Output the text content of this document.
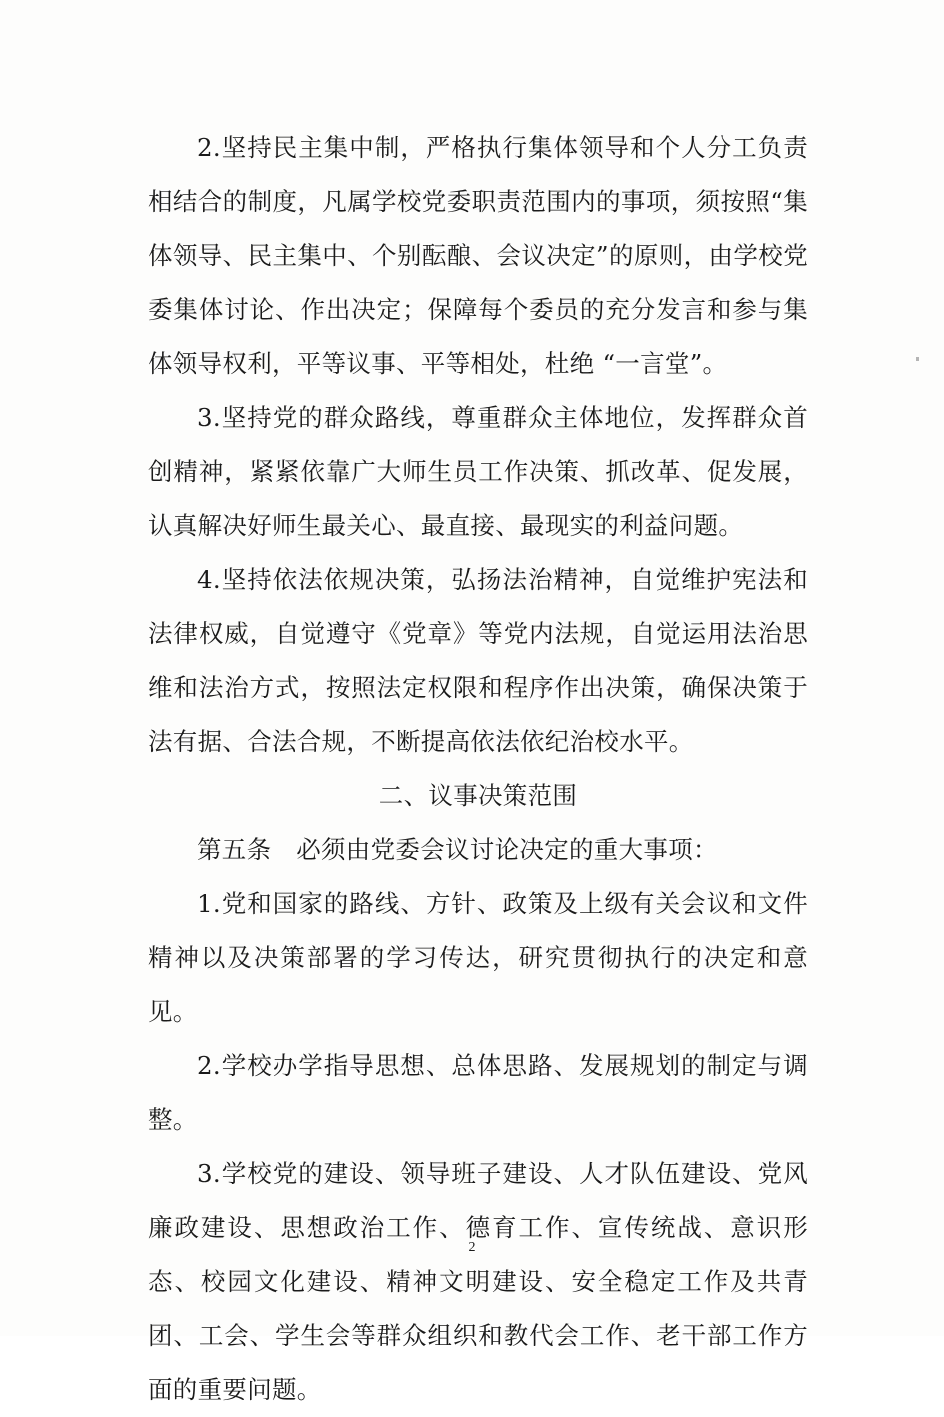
2.坚持民主集中制，严格执行集体领导和个人分工负责相结合的制度，凡属学校党委职责范围内的事项，须按照“集体领导、民主集中、个别酝酿、会议决定”的原则，由学校党委集体讨论、作出决定；保障每个委员的充分发言和参与集体领导权利，平等议事、平等相处，杜绝 “一言堂”。

3.坚持党的群众路线，尊重群众主体地位，发挥群众首创精神，紧紧依靠广大师生员工作决策、抓改革、促发展，认真解决好师生最关心、最直接、最现实的利益问题。

4.坚持依法依规决策，弘扬法治精神，自觉维护宪法和法律权威，自觉遵守《党章》等党内法规，自觉运用法治思维和法治方式，按照法定权限和程序作出决策，确保决策于法有据、合法合规，不断提高依法依纪治校水平。

二、议事决策范围

第五条　必须由党委会议讨论决定的重大事项：

1.党和国家的路线、方针、政策及上级有关会议和文件精神以及决策部署的学习传达，研究贯彻执行的决定和意见。

2.学校办学指导思想、总体思路、发展规划的制定与调整。

3.学校党的建设、领导班子建设、人才队伍建设、党风廉政建设、思想政治工作、德育工作、宣传统战、意识形态、校园文化建设、精神文明建设、安全稳定工作及共青团、工会、学生会等群众组织和教代会工作、老干部工作方面的重要问题。

2
